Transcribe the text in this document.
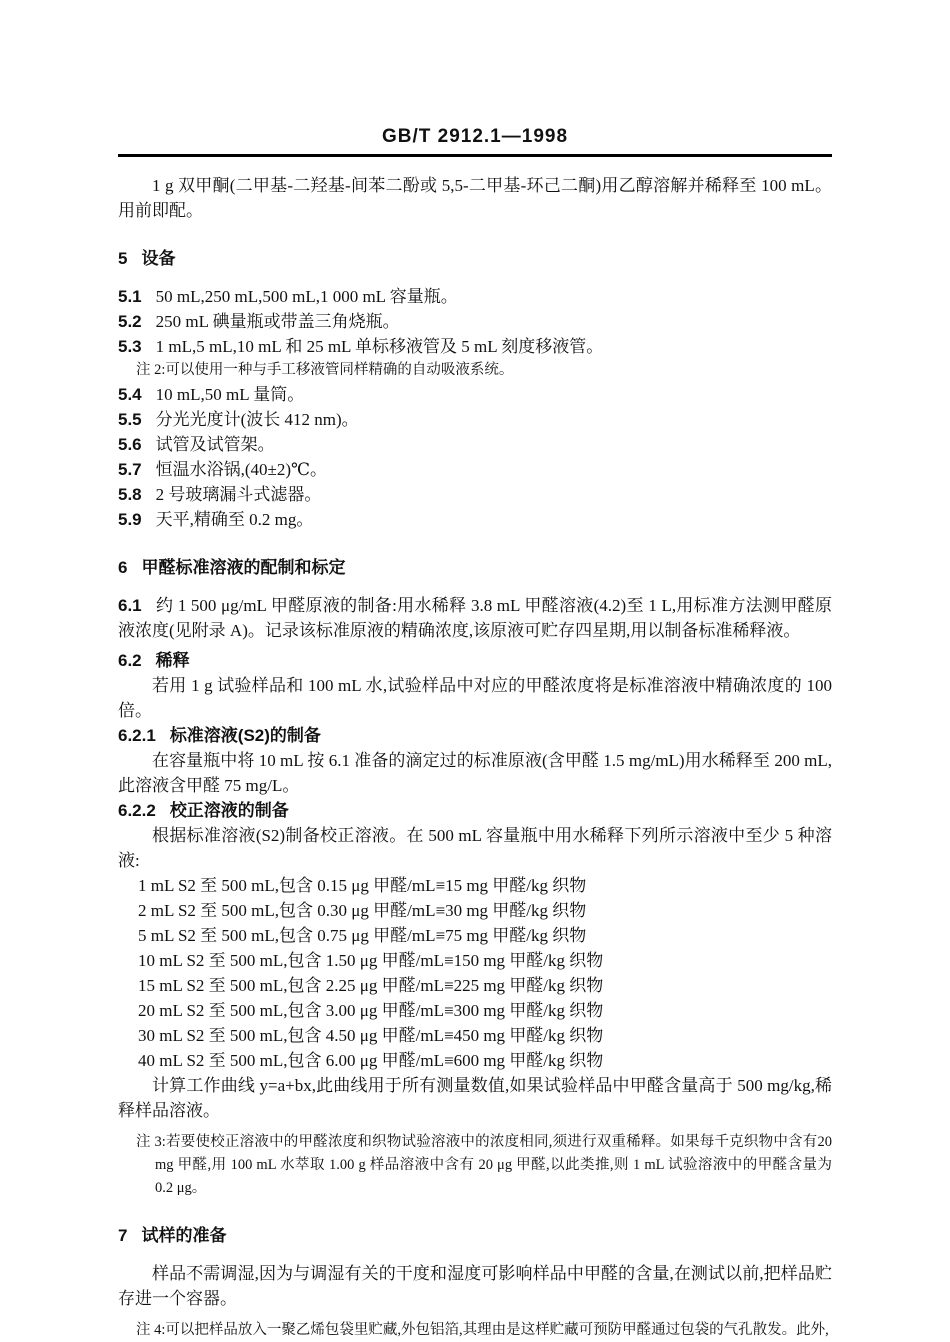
GB/T 2912.1—1998

1 g 双甲酮(二甲基-二羟基-间苯二酚或 5,5-二甲基-环己二酮)用乙醇溶解并稀释至 100 mL。用前即配。

5 设备

5.1 50 mL,250 mL,500 mL,1 000 mL 容量瓶。

5.2 250 mL 碘量瓶或带盖三角烧瓶。

5.3 1 mL,5 mL,10 mL 和 25 mL 单标移液管及 5 mL 刻度移液管。

注 2:可以使用一种与手工移液管同样精确的自动吸液系统。

5.4 10 mL,50 mL 量筒。

5.5 分光光度计(波长 412 nm)。

5.6 试管及试管架。

5.7 恒温水浴锅,(40±2)℃。

5.8 2 号玻璃漏斗式滤器。

5.9 天平,精确至 0.2 mg。

6 甲醛标准溶液的配制和标定

6.1 约 1 500 μg/mL 甲醛原液的制备:用水稀释 3.8 mL 甲醛溶液(4.2)至 1 L,用标准方法测甲醛原液浓度(见附录 A)。记录该标准原液的精确浓度,该原液可贮存四星期,用以制备标准稀释液。

6.2 稀释

若用 1 g 试验样品和 100 mL 水,试验样品中对应的甲醛浓度将是标准溶液中精确浓度的 100 倍。

6.2.1 标准溶液(S2)的制备

在容量瓶中将 10 mL 按 6.1 准备的滴定过的标准原液(含甲醛 1.5 mg/mL)用水稀释至 200 mL,此溶液含甲醛 75 mg/L。

6.2.2 校正溶液的制备

根据标准溶液(S2)制备校正溶液。在 500 mL 容量瓶中用水稀释下列所示溶液中至少 5 种溶液:

1 mL S2 至 500 mL,包含 0.15 μg 甲醛/mL≡15 mg 甲醛/kg 织物

2 mL S2 至 500 mL,包含 0.30 μg 甲醛/mL≡30 mg 甲醛/kg 织物

5 mL S2 至 500 mL,包含 0.75 μg 甲醛/mL≡75 mg 甲醛/kg 织物

10 mL S2 至 500 mL,包含 1.50 μg 甲醛/mL≡150 mg 甲醛/kg 织物

15 mL S2 至 500 mL,包含 2.25 μg 甲醛/mL≡225 mg 甲醛/kg 织物

20 mL S2 至 500 mL,包含 3.00 μg 甲醛/mL≡300 mg 甲醛/kg 织物

30 mL S2 至 500 mL,包含 4.50 μg 甲醛/mL≡450 mg 甲醛/kg 织物

40 mL S2 至 500 mL,包含 6.00 μg 甲醛/mL≡600 mg 甲醛/kg 织物

计算工作曲线 y=a+bx,此曲线用于所有测量数值,如果试验样品中甲醛含量高于 500 mg/kg,稀释样品溶液。

注 3:若要使校正溶液中的甲醛浓度和织物试验溶液中的浓度相同,须进行双重稀释。如果每千克织物中含有20 mg 甲醛,用 100 mL 水萃取 1.00 g 样品溶液中含有 20 μg 甲醛,以此类推,则 1 mL 试验溶液中的甲醛含量为 0.2 μg。

7 试样的准备

样品不需调湿,因为与调湿有关的干度和湿度可影响样品中甲醛的含量,在测试以前,把样品贮存进一个容器。

注 4:可以把样品放入一聚乙烯包袋里贮藏,外包铝箔,其理由是这样贮藏可预防甲醛通过包袋的气孔散发。此外,
